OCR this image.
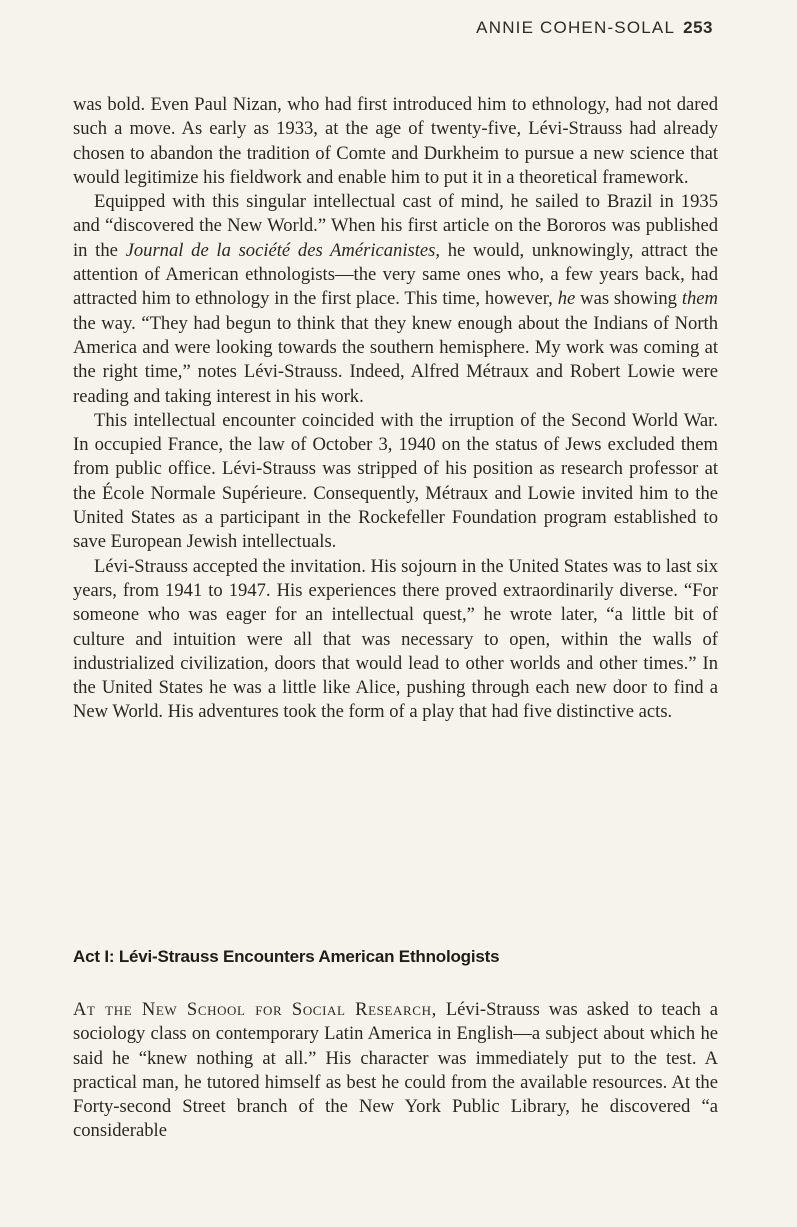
ANNIE COHEN-SOLAL 253

was bold. Even Paul Nizan, who had first introduced him to ethnology, had not dared such a move. As early as 1933, at the age of twenty-five, Lévi-Strauss had already chosen to abandon the tradition of Comte and Durkheim to pursue a new science that would legitimize his fieldwork and enable him to put it in a theoretical framework.

Equipped with this singular intellectual cast of mind, he sailed to Brazil in 1935 and “discovered the New World.” When his first article on the Bororos was published in the Journal de la société des Américanistes, he would, unknowingly, attract the attention of American ethnologists—the very same ones who, a few years back, had attracted him to ethnology in the first place. This time, however, he was showing them the way. “They had begun to think that they knew enough about the Indians of North America and were looking towards the southern hemisphere. My work was coming at the right time,” notes Lévi-Strauss. Indeed, Alfred Métraux and Robert Lowie were reading and taking interest in his work.

This intellectual encounter coincided with the irruption of the Second World War. In occupied France, the law of October 3, 1940 on the status of Jews excluded them from public office. Lévi-Strauss was stripped of his position as research professor at the École Normale Supérieure. Consequently, Métraux and Lowie invited him to the United States as a participant in the Rockefeller Foundation program established to save European Jewish intellectuals.

Lévi-Strauss accepted the invitation. His sojourn in the United States was to last six years, from 1941 to 1947. His experiences there proved extraordinarily diverse. “For someone who was eager for an intellectual quest,” he wrote later, “a little bit of culture and intuition were all that was necessary to open, within the walls of industrialized civilization, doors that would lead to other worlds and other times.” In the United States he was a little like Alice, pushing through each new door to find a New World. His adventures took the form of a play that had five distinctive acts.

Act I: Lévi-Strauss Encounters American Ethnologists

At the New School for Social Research, Lévi-Strauss was asked to teach a sociology class on contemporary Latin America in English—a subject about which he said he “knew nothing at all.” His character was immediately put to the test. A practical man, he tutored himself as best he could from the available resources. At the Forty-second Street branch of the New York Public Library, he discovered “a considerable
